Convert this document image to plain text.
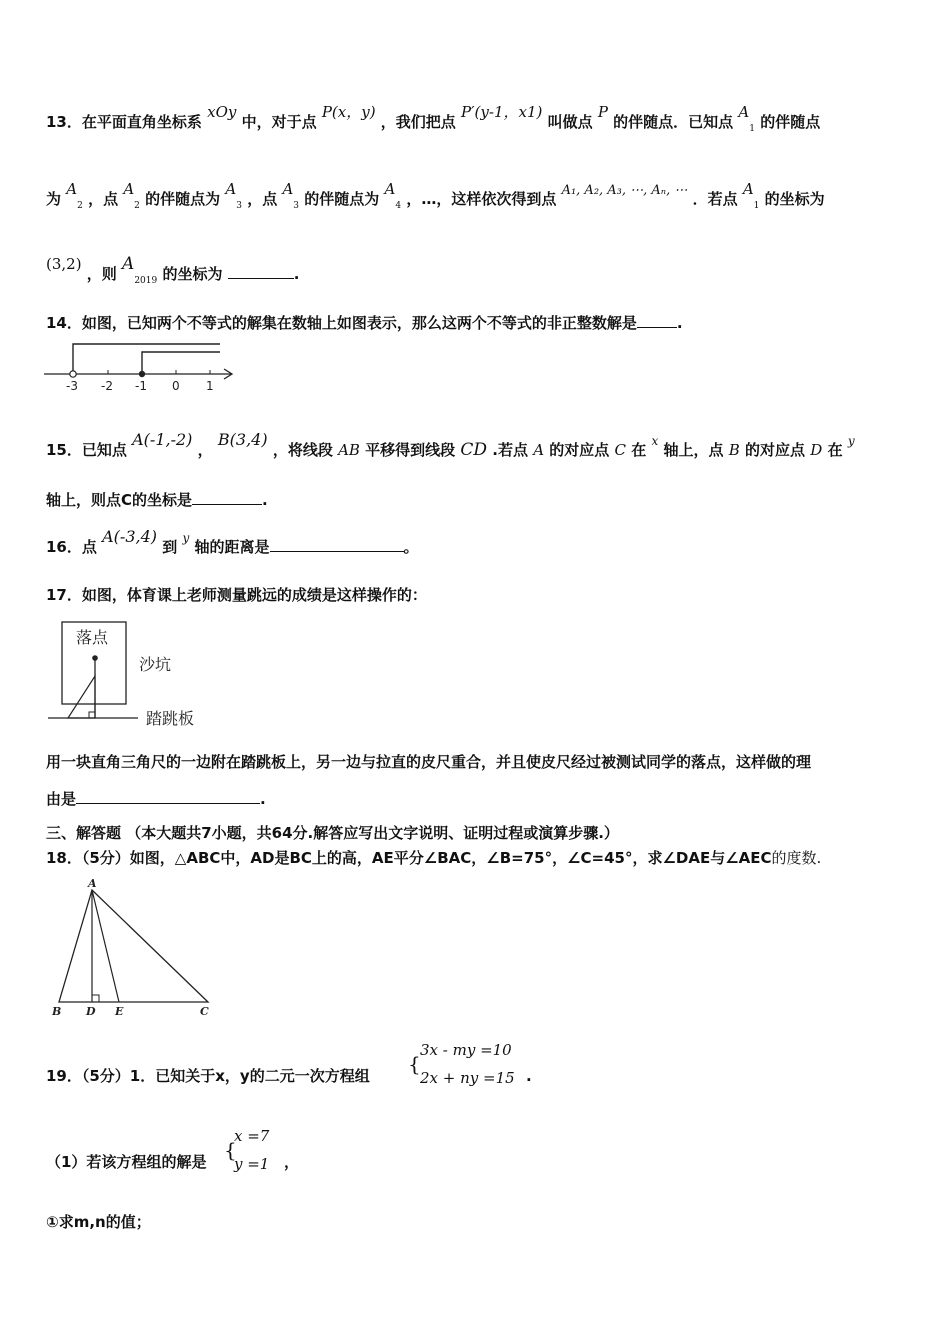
13．在平面直角坐标系 xOy 中，对于点 P(x，y) ，我们把点 P′(y-1，x1) 叫做点 P 的伴随点．已知点 $A_1$ 的伴随点
为 $A_2$ ，点 $A_2$ 的伴随点为 $A_3$ ，点 $A_3$ 的伴随点为 $A_4$ ，…，这样依次得到点 A₁, A₂, A₃, ⋯, Aₙ, ⋯ ．若点 $A_1$ 的坐标为
(3,2) ，则 $A_{2019}$ 的坐标为	.
14．如图，已知两个不等式的解集在数轴上如图表示，那么这两个不等式的非正整数解是	.
-3 -2 -1 0 1
15．已知点 A(-1,-2) ， B(3,4) ，将线段 AB 平移得到线段 CD .若点 A 的对应点 C 在 $^x$ 轴上，点 B 的对应点 D 在 $^y$
轴上，则点C的坐标是	.
16．点 A(-3,4) 到 $^y$ 轴的距离是	。
17．如图，体育课上老师测量跳远的成绩是这样操作的：
落点
沙坑
踏跳板
用一块直角三角尺的一边附在踏跳板上，另一边与拉直的皮尺重合，并且使皮尺经过被测试同学的落点，这样做的理
由是	.
三、解答题 （本大题共7小题，共64分.解答应写出文字说明、证明过程或演算步骤.）
18．（5分）如图，△ABC中，AD是BC上的高，AE平分∠BAC，∠B=75°，∠C=45°，求∠DAE与∠AEC的度数.
A
B D E	C
19．（5分）1．已知关于x，y的二元一次方程组 {
3x - my =10
2x + ny =15 .
（1）若该方程组的解是 {
x =7
y =1 ，
①求m,n的值；
